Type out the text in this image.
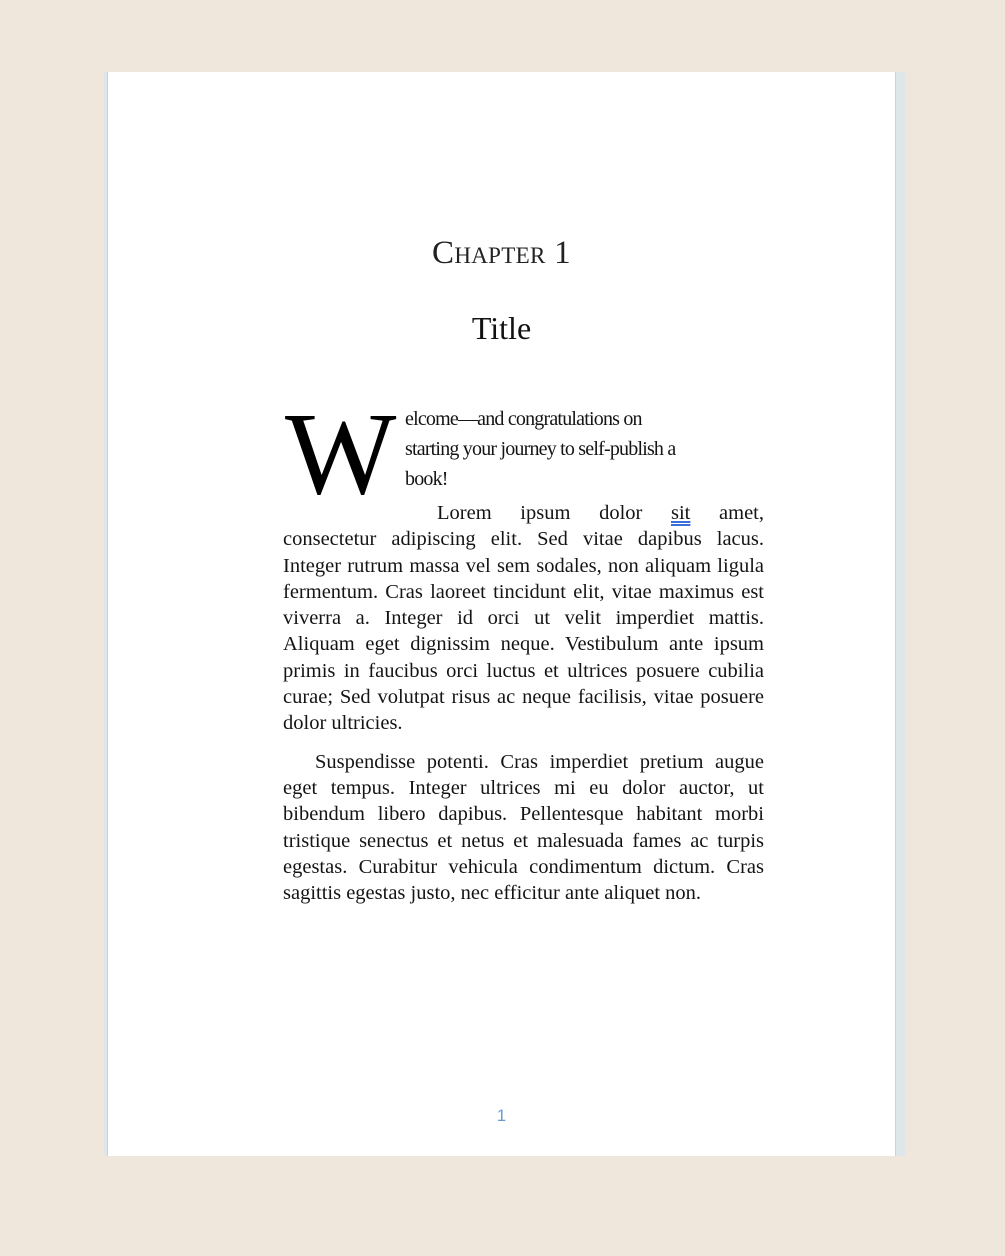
Chapter 1
Title
W elcome—and congratulations on
starting your journey to self-publish a
book!

Lorem ipsum dolor sit amet, consectetur adipiscing elit. Sed vitae dapibus lacus. Integer rutrum massa vel sem sodales, non aliquam ligula fermentum. Cras laoreet tincidunt elit, vitae maximus est viverra a. Integer id orci ut velit imperdiet mattis. Aliquam eget dignissim neque. Vestibulum ante ipsum primis in faucibus orci luctus et ultrices posuere cubilia curae; Sed volutpat risus ac neque facilisis, vitae posuere dolor ultricies.

Suspendisse potenti. Cras imperdiet pretium augue eget tempus. Integer ultrices mi eu dolor auctor, ut bibendum libero dapibus. Pellentesque habitant morbi tristique senectus et netus et malesuada fames ac turpis egestas. Curabitur vehicula condimentum dictum. Cras sagittis egestas justo, nec efficitur ante aliquet non.

1
